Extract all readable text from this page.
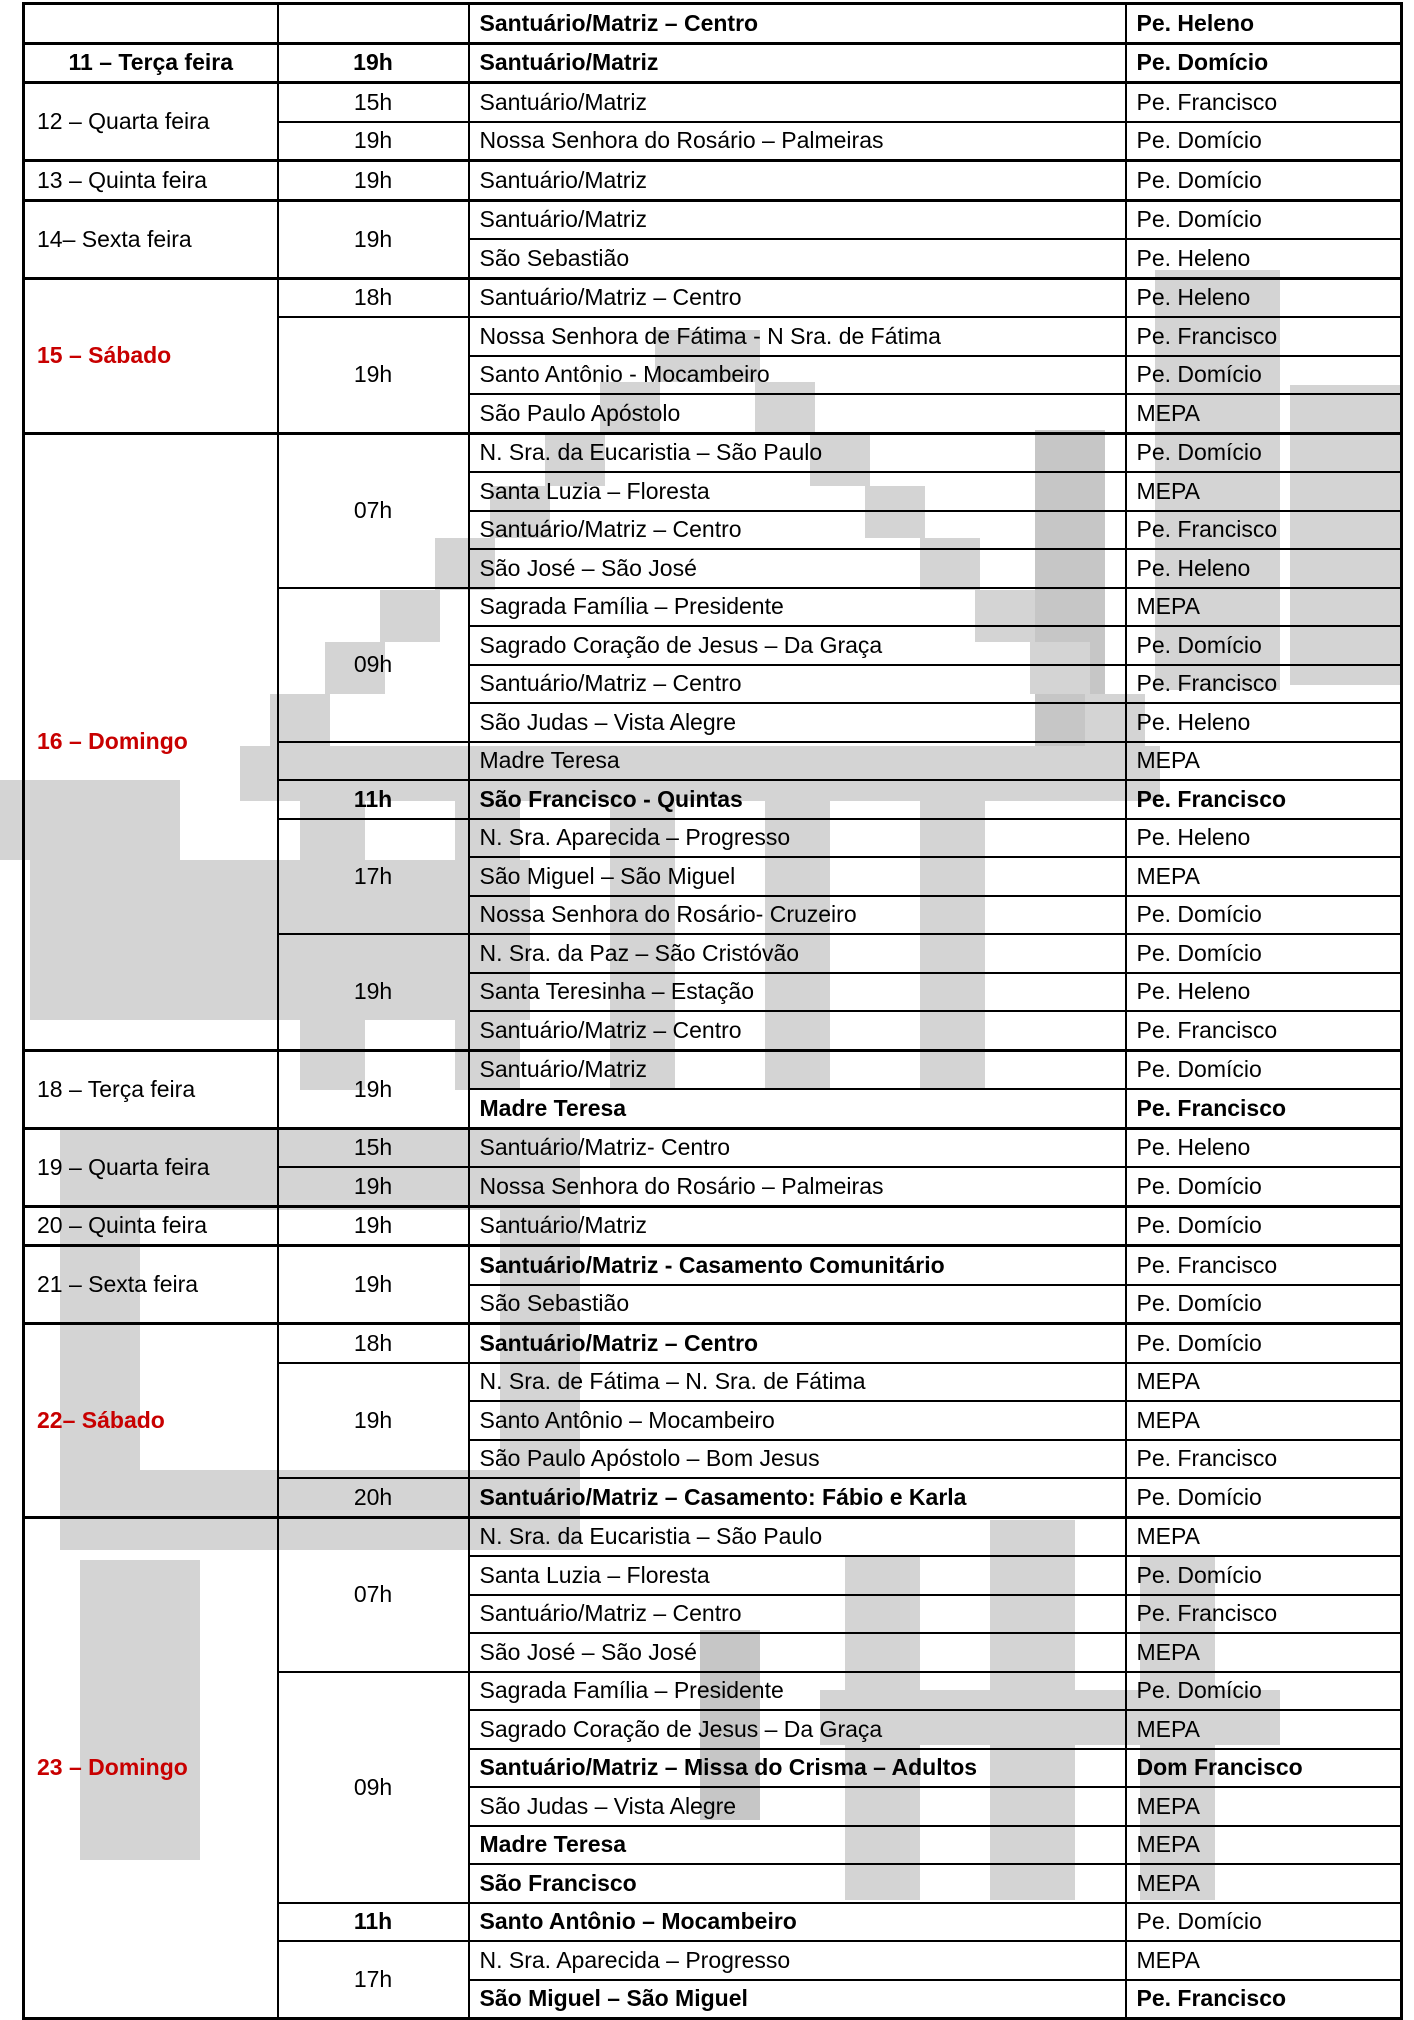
		Santuário/Matriz – Centro	Pe. Heleno
11 – Terça feira	19h	Santuário/Matriz	Pe. Domício
12 – Quarta feira	15h	Santuário/Matriz	Pe. Francisco
	19h	Nossa Senhora do Rosário – Palmeiras	Pe. Domício
13 – Quinta feira	19h	Santuário/Matriz	Pe. Domício
14– Sexta feira	19h	Santuário/Matriz	Pe. Domício
		São Sebastião	Pe. Heleno
15 – Sábado	18h	Santuário/Matriz – Centro	Pe. Heleno
	19h	Nossa Senhora de Fátima - N Sra. de Fátima	Pe. Francisco
		Santo Antônio - Mocambeiro	Pe. Domício
		São Paulo Apóstolo	MEPA
16 – Domingo	07h	N. Sra. da Eucaristia – São Paulo	Pe. Domício
		Santa Luzia – Floresta	MEPA
		Santuário/Matriz – Centro	Pe. Francisco
		São José – São José	Pe. Heleno
	09h	Sagrada Família – Presidente	MEPA
		Sagrado Coração de Jesus – Da Graça	Pe. Domício
		Santuário/Matriz – Centro	Pe. Francisco
		São Judas – Vista Alegre	Pe. Heleno
		Madre Teresa	MEPA
	11h	São Francisco - Quintas	Pe. Francisco
	17h	N. Sra. Aparecida – Progresso	Pe. Heleno
		São Miguel – São Miguel	MEPA
		Nossa Senhora do Rosário- Cruzeiro	Pe. Domício
	19h	N. Sra. da Paz – São Cristóvão	Pe. Domício
		Santa Teresinha – Estação	Pe. Heleno
		Santuário/Matriz – Centro	Pe. Francisco
18 – Terça feira	19h	Santuário/Matriz	Pe. Domício
		Madre Teresa	Pe. Francisco
19 – Quarta feira	15h	Santuário/Matriz- Centro	Pe. Heleno
	19h	Nossa Senhora do Rosário – Palmeiras	Pe. Domício
20 – Quinta feira	19h	Santuário/Matriz	Pe. Domício
21 – Sexta feira	19h	Santuário/Matriz - Casamento Comunitário	Pe. Francisco
		São Sebastião	Pe. Domício
22– Sábado	18h	Santuário/Matriz – Centro	Pe. Domício
	19h	N. Sra. de Fátima – N. Sra. de Fátima	MEPA
		Santo Antônio – Mocambeiro	MEPA
		São Paulo Apóstolo – Bom Jesus	Pe. Francisco
	20h	Santuário/Matriz – Casamento: Fábio e Karla	Pe. Domício
23 – Domingo	07h	N. Sra. da Eucaristia – São Paulo	MEPA
		Santa Luzia – Floresta	Pe. Domício
		Santuário/Matriz – Centro	Pe. Francisco
		São José – São José	MEPA
	09h	Sagrada Família – Presidente	Pe. Domício
		Sagrado Coração de Jesus – Da Graça	MEPA
		Santuário/Matriz – Missa do Crisma – Adultos	Dom Francisco
		São Judas – Vista Alegre	MEPA
		Madre Teresa	MEPA
		São Francisco	MEPA
	11h	Santo Antônio – Mocambeiro	Pe. Domício
	17h	N. Sra. Aparecida – Progresso	MEPA
		São Miguel – São Miguel	Pe. Francisco
